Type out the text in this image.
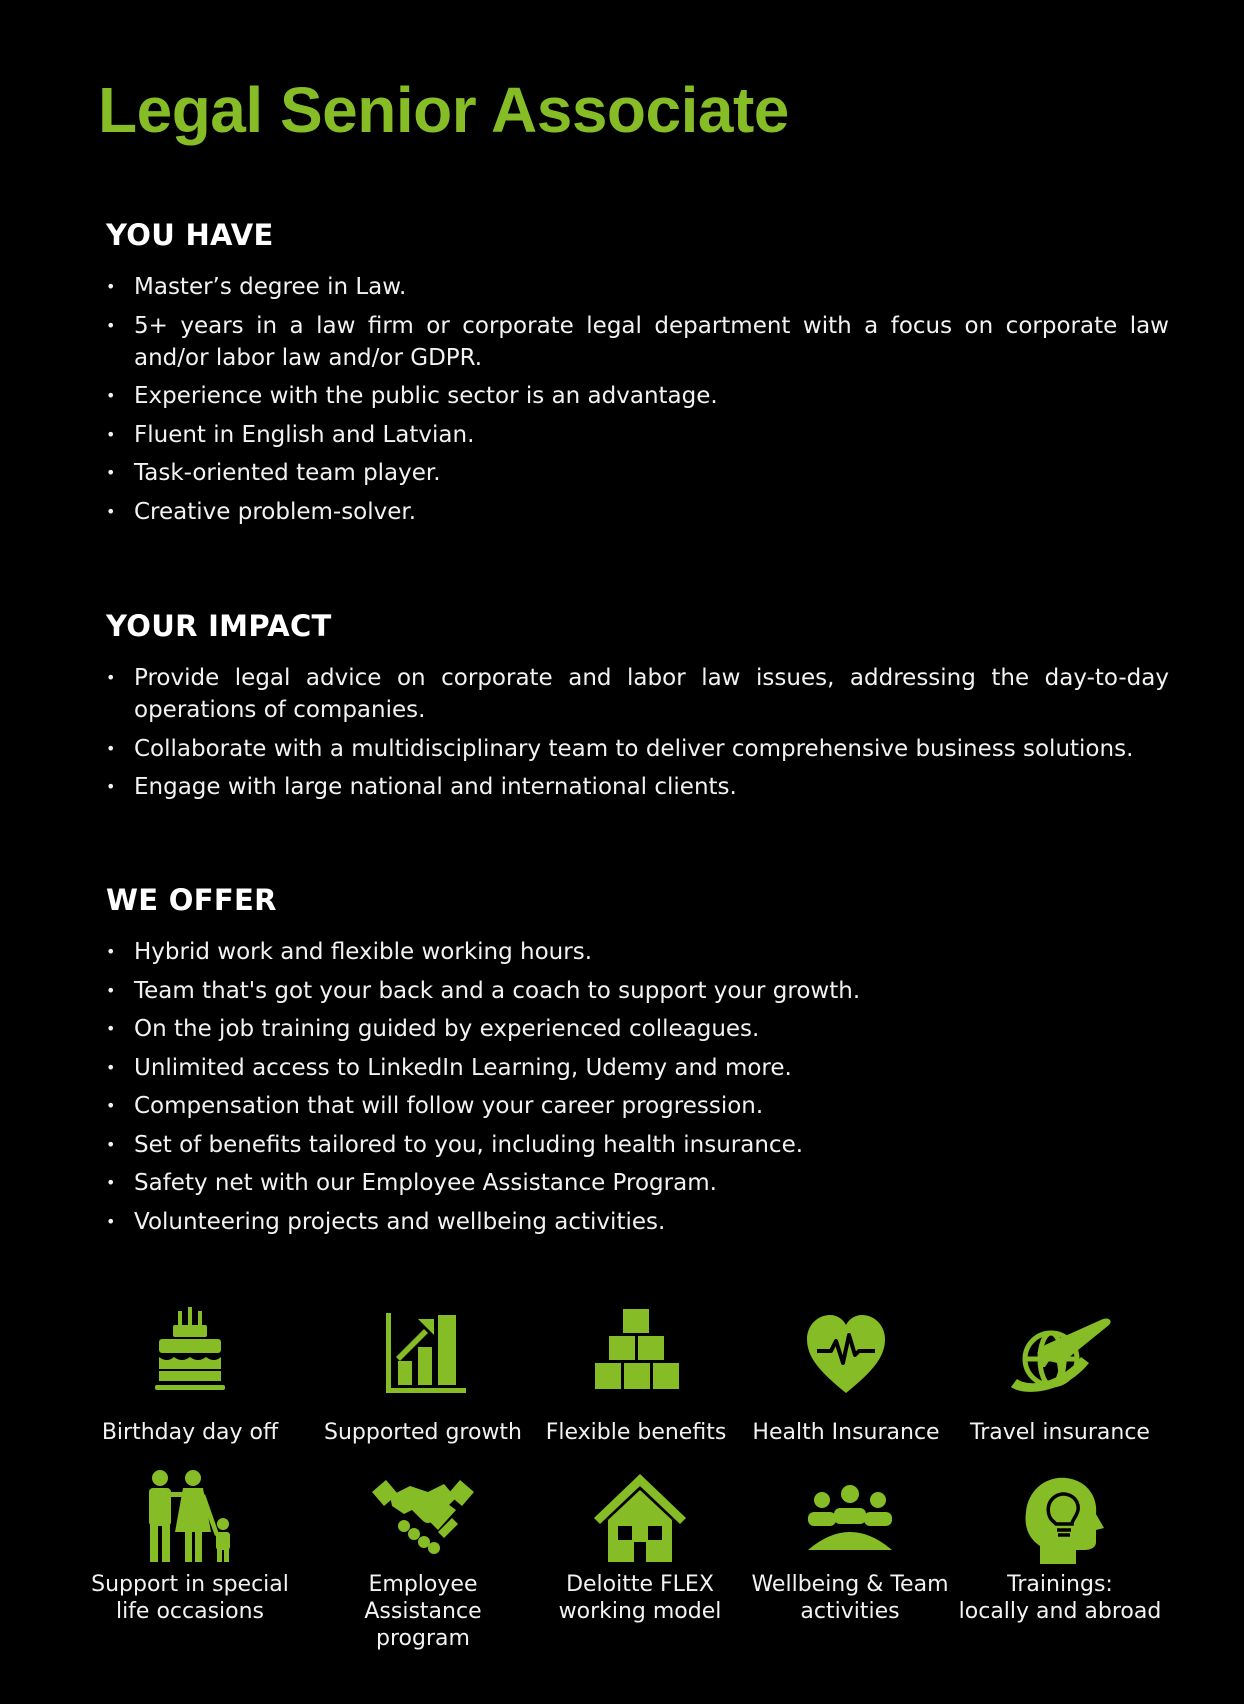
Legal Senior Associate
YOU HAVE
• Master’s degree in Law.
• 5+ years in a law firm or corporate legal department with a focus on corporate law and/or labor law and/or GDPR.
• Experience with the public sector is an advantage.
• Fluent in English and Latvian.
• Task-oriented team player.
• Creative problem-solver.
YOUR IMPACT
• Provide legal advice on corporate and labor law issues, addressing the day-to-day operations of companies.
• Collaborate with a multidisciplinary team to deliver comprehensive business solutions.
• Engage with large national and international clients.
WE OFFER
• Hybrid work and flexible working hours.
• Team that's got your back and a coach to support your growth.
• On the job training guided by experienced colleagues.
• Unlimited access to LinkedIn Learning, Udemy and more.
• Compensation that will follow your career progression.
• Set of benefits tailored to you, including health insurance.
• Safety net with our Employee Assistance Program.
• Volunteering projects and wellbeing activities.
Birthday day off	Supported growth	Flexible benefits	Health Insurance	Travel insurance
Support in special
life occasions
Employee Assistance
program
Deloitte FLEX
working model
Wellbeing & Team
activities
Trainings:
locally and abroad
